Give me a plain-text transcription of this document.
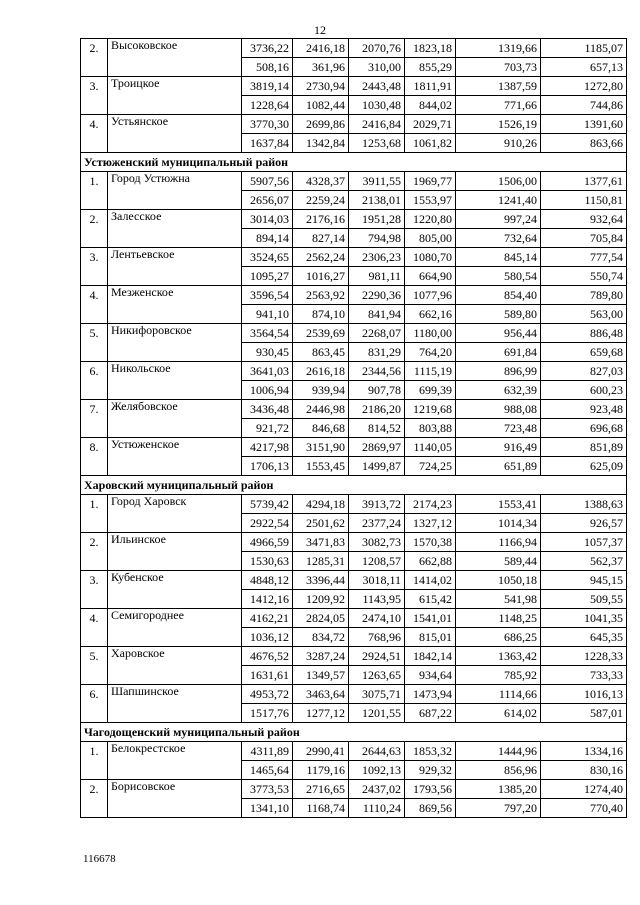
12
2.	Высоковское	3736,22	2416,18	2070,76	1823,18	1319,66	1185,07
		508,16	361,96	310,00	855,29	703,73	657,13
3.	Троицкое	3819,14	2730,94	2443,48	1811,91	1387,59	1272,80
		1228,64	1082,44	1030,48	844,02	771,66	744,86
4.	Устьянское	3770,30	2699,86	2416,84	2029,71	1526,19	1391,60
		1637,84	1342,84	1253,68	1061,82	910,26	863,66
Устюженский муниципальный район							
1.	Город Устюжна	5907,56	4328,37	3911,55	1969,77	1506,00	1377,61
		2656,07	2259,24	2138,01	1553,97	1241,40	1150,81
2.	Залесское	3014,03	2176,16	1951,28	1220,80	997,24	932,64
		894,14	827,14	794,98	805,00	732,64	705,84
3.	Лентьевское	3524,65	2562,24	2306,23	1080,70	845,14	777,54
		1095,27	1016,27	981,11	664,90	580,54	550,74
4.	Мезженское	3596,54	2563,92	2290,36	1077,96	854,40	789,80
		941,10	874,10	841,94	662,16	589,80	563,00
5.	Никифоровское	3564,54	2539,69	2268,07	1180,00	956,44	886,48
		930,45	863,45	831,29	764,20	691,84	659,68
6.	Никольское	3641,03	2616,18	2344,56	1115,19	896,99	827,03
		1006,94	939,94	907,78	699,39	632,39	600,23
7.	Желябовское	3436,48	2446,98	2186,20	1219,68	988,08	923,48
		921,72	846,68	814,52	803,88	723,48	696,68
8.	Устюженское	4217,98	3151,90	2869,97	1140,05	916,49	851,89
		1706,13	1553,45	1499,87	724,25	651,89	625,09
Харовский муниципальный район							
1.	Город Харовск	5739,42	4294,18	3913,72	2174,23	1553,41	1388,63
		2922,54	2501,62	2377,24	1327,12	1014,34	926,57
2.	Ильинское	4966,59	3471,83	3082,73	1570,38	1166,94	1057,37
		1530,63	1285,31	1208,57	662,88	589,44	562,37
3.	Кубенское	4848,12	3396,44	3018,11	1414,02	1050,18	945,15
		1412,16	1209,92	1143,95	615,42	541,98	509,55
4.	Семигороднее	4162,21	2824,05	2474,10	1541,01	1148,25	1041,35
		1036,12	834,72	768,96	815,01	686,25	645,35
5.	Харовское	4676,52	3287,24	2924,51	1842,14	1363,42	1228,33
		1631,61	1349,57	1263,65	934,64	785,92	733,33
6.	Шапшинское	4953,72	3463,64	3075,71	1473,94	1114,66	1016,13
		1517,76	1277,12	1201,55	687,22	614,02	587,01
Чагодощенский муниципальный район							
1.	Белокрестское	4311,89	2990,41	2644,63	1853,32	1444,96	1334,16
		1465,64	1179,16	1092,13	929,32	856,96	830,16
2.	Борисовское	3773,53	2716,65	2437,02	1793,56	1385,20	1274,40
		1341,10	1168,74	1110,24	869,56	797,20	770,40
116678
